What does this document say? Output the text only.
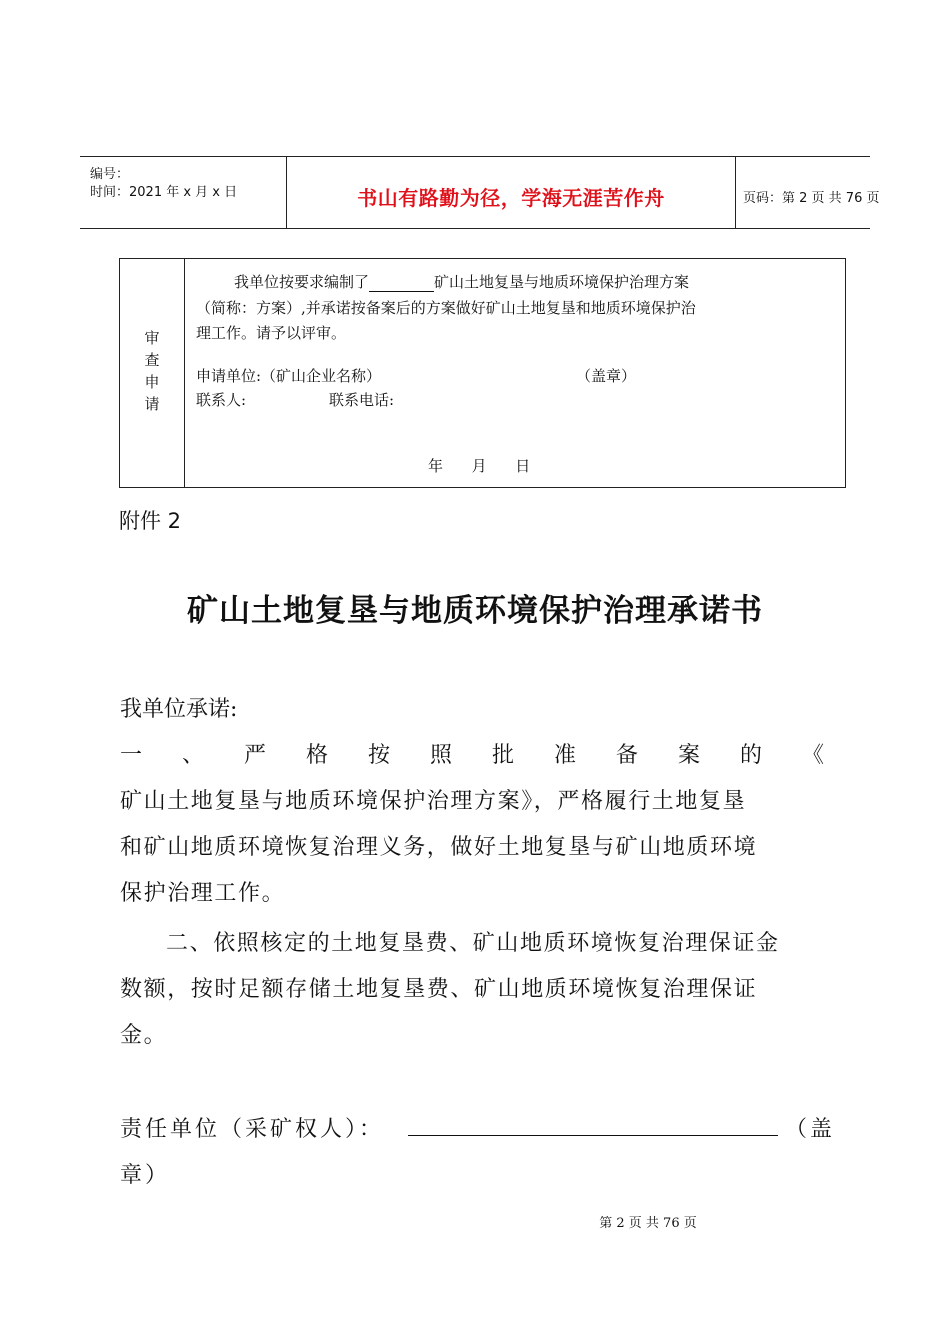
编号：
时间：2021 年 x 月 x 日	书山有路勤为径，学海无涯苦作舟	页码：第 2 页 共 76 页
审
查
申
请
我单位按要求编制了	矿山土地复垦与地质环境保护治理方案
（简称：方案）,并承诺按备案后的方案做好矿山土地复垦和地质环境保护治
理工作。请予以评审。
申请单位:（矿山企业名称）	（盖章）
联系人:	联系电话:
年      月      日
附件 2
矿山土地复垦与地质环境保护治理承诺书
我单位承诺:
一、严格按照批准备案的《
矿山土地复垦与地质环境保护治理方案》，严格履行土地复垦
和矿山地质环境恢复治理义务，做好土地复垦与矿山地质环境
保护治理工作。
二、依照核定的土地复垦费、矿山地质环境恢复治理保证金
数额，按时足额存储土地复垦费、矿山地质环境恢复治理保证
金。
责任单位（采矿权人）：	（盖
章）
第 2 页 共 76 页
